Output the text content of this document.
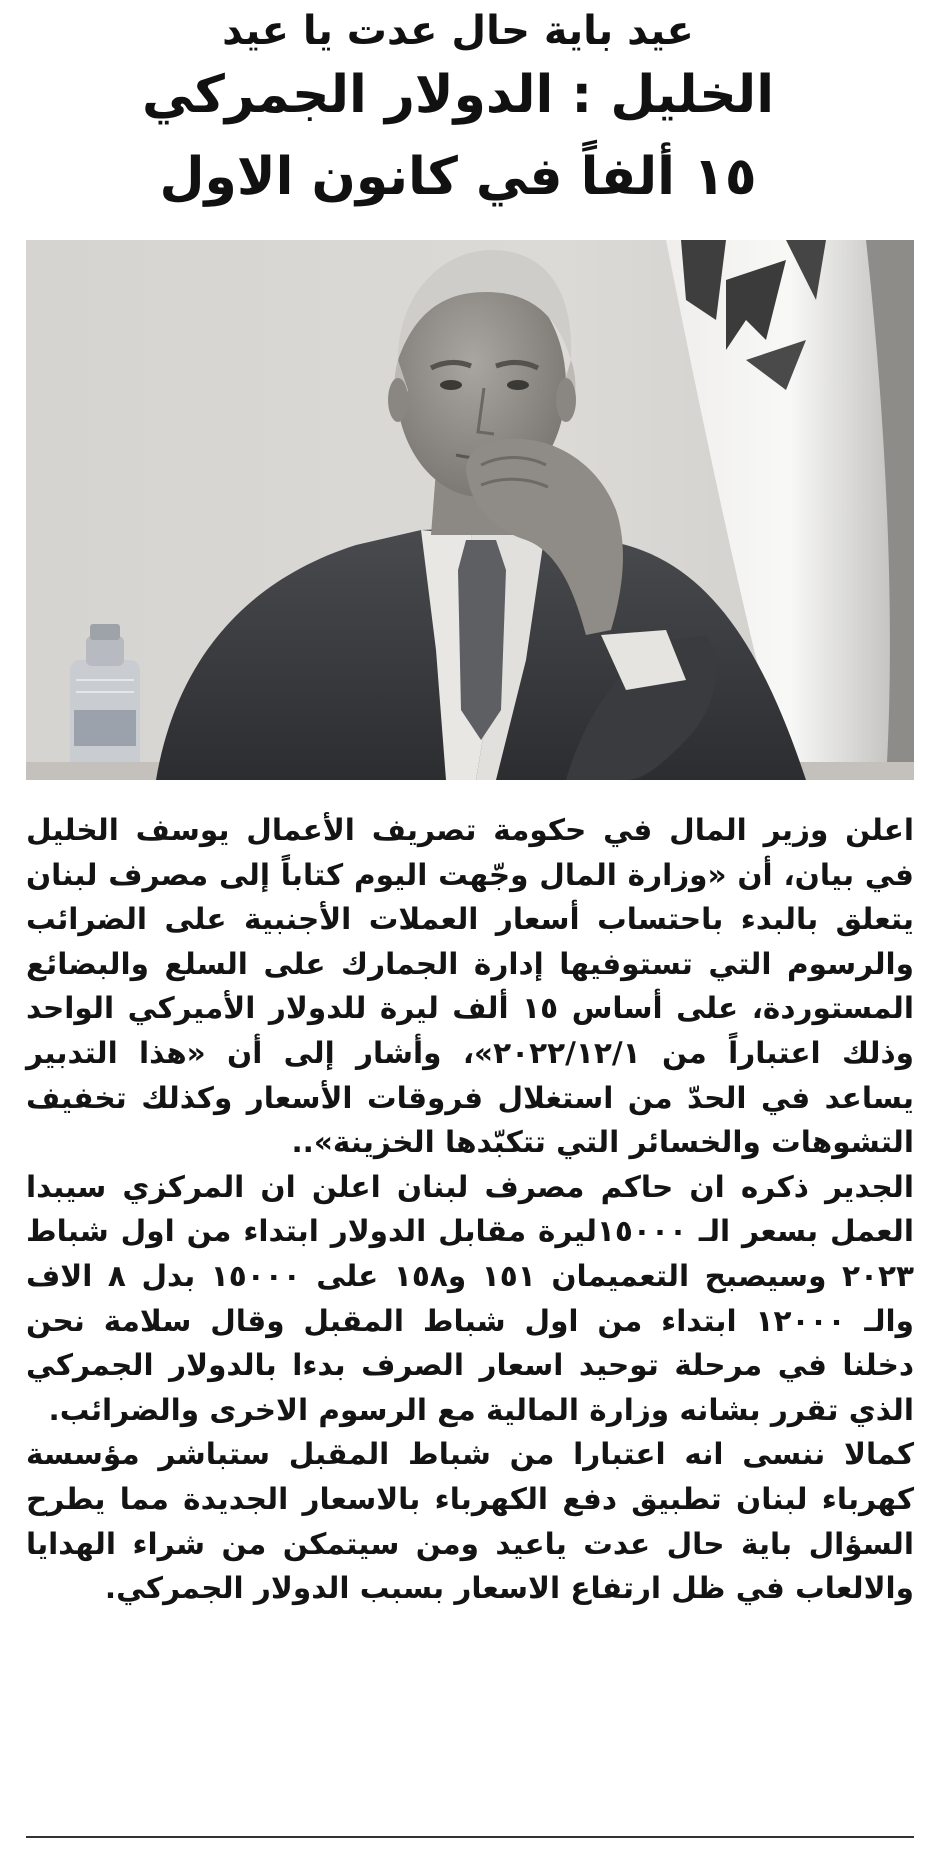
عيد باية حال عدت يا عيد
الخليل : الدولار الجمركي
١٥ ألفاً في كانون الاول

اعلن وزير المال في حكومة تصريف الأعمال يوسف الخليل في بيان، أن «وزارة المال وجّهت اليوم كتاباً إلى مصرف لبنان يتعلق بالبدء باحتساب أسعار العملات الأجنبية على الضرائب والرسوم التي تستوفيها إدارة الجمارك على السلع والبضائع المستوردة، على أساس ١٥ ألف ليرة للدولار الأميركي الواحد وذلك اعتباراً من ٢٠٢٢/١٢/١»، وأشار إلى أن «هذا التدبير يساعد في الحدّ من استغلال فروقات الأسعار وكذلك تخفيف التشوهات والخسائر التي تتكبّدها الخزينة»..

الجدير ذكره ان حاكم مصرف لبنان اعلن ان المركزي سيبدا العمل بسعر الـ ١٥٠٠٠ليرة مقابل الدولار ابتداء من اول شباط ٢٠٢٣ وسيصبح التعميمان ١٥١ و١٥٨ على ١٥٠٠٠ بدل ٨ الاف والـ ١٢٠٠٠ ابتداء من اول شباط المقبل وقال سلامة نحن دخلنا في مرحلة توحيد اسعار الصرف بدءا بالدولار الجمركي الذي تقرر بشانه وزارة المالية مع الرسوم الاخرى والضرائب.

كمالا ننسى انه اعتبارا من شباط المقبل ستباشر مؤسسة كهرباء لبنان تطبيق دفع الكهرباء بالاسعار الجديدة مما يطرح السؤال باية حال عدت ياعيد ومن سيتمكن من شراء الهدايا والالعاب في ظل ارتفاع الاسعار بسبب الدولار الجمركي.
